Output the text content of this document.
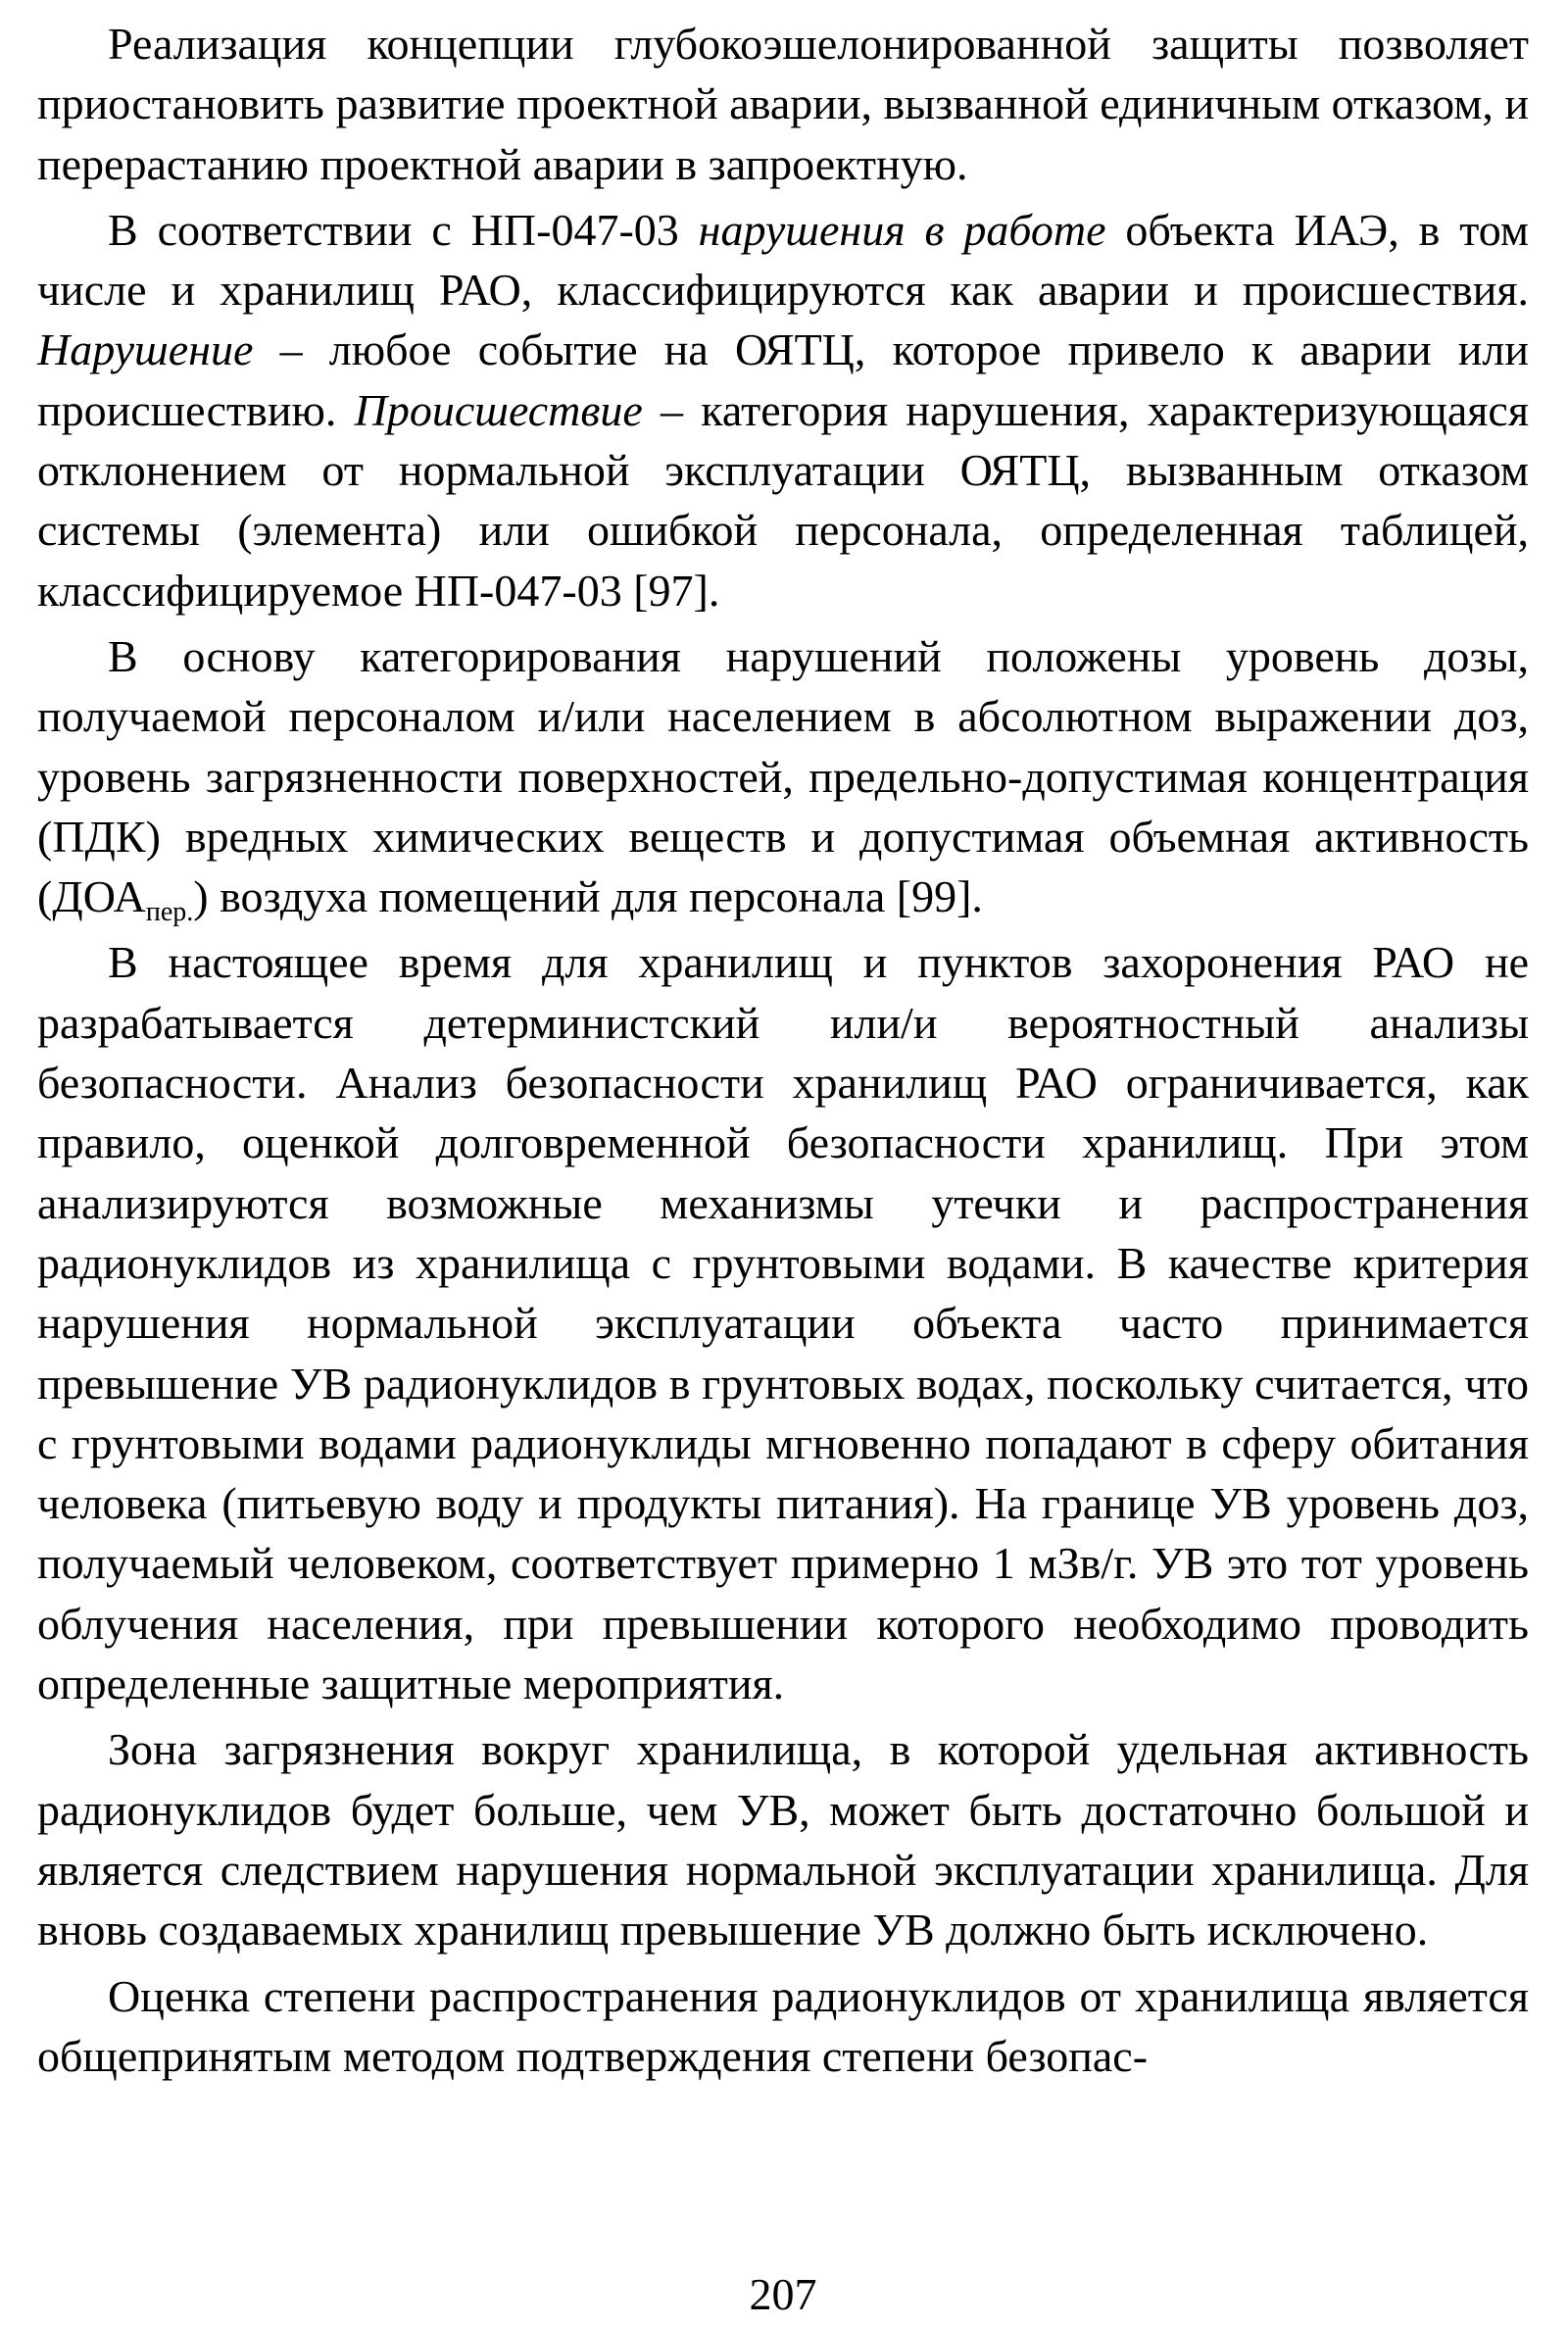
Реализация концепции глубокоэшелонированной защиты позволяет приостановить развитие проектной аварии, вызванной единичным отказом, и перерастанию проектной аварии в запроектную.

В соответствии с НП-047-03 нарушения в работе объекта ИАЭ, в том числе и хранилищ РАО, классифицируются как аварии и происшествия. Нарушение – любое событие на ОЯТЦ, которое привело к аварии или происшествию. Происшествие – категория нарушения, характеризующаяся отклонением от нормальной эксплуатации ОЯТЦ, вызванным отказом системы (элемента) или ошибкой персонала, определенная таблицей, классифицируемое НП-047-03 [97].

В основу категорирования нарушений положены уровень дозы, получаемой персоналом и/или населением в абсолютном выражении доз, уровень загрязненности поверхностей, предельно-допустимая концентрация (ПДК) вредных химических веществ и допустимая объемная активность $(ДОА_{пер.})$ воздуха помещений для персонала [99].

В настоящее время для хранилищ и пунктов захоронения РАО не разрабатывается детерминистский или/и вероятностный анализы безопасности. Анализ безопасности хранилищ РАО ограничивается, как правило, оценкой долговременной безопасности хранилищ. При этом анализируются возможные механизмы утечки и распространения радионуклидов из хранилища с грунтовыми водами. В качестве критерия нарушения нормальной эксплуатации объекта часто принимается превышение УВ радионуклидов в грунтовых водах, поскольку считается, что с грунтовыми водами радионуклиды мгновенно попадают в сферу обитания человека (питьевую воду и продукты питания). На границе УВ уровень доз, получаемый человеком, соответствует примерно 1 мЗв/г. УВ это тот уровень облучения населения, при превышении которого необходимо проводить определенные защитные мероприятия.

Зона загрязнения вокруг хранилища, в которой удельная активность радионуклидов будет больше, чем УВ, может быть достаточно большой и является следствием нарушения нормальной эксплуатации хранилища. Для вновь создаваемых хранилищ превышение УВ должно быть исключено.

Оценка степени распространения радионуклидов от хранилища является общепринятым методом подтверждения степени безопас-

207
